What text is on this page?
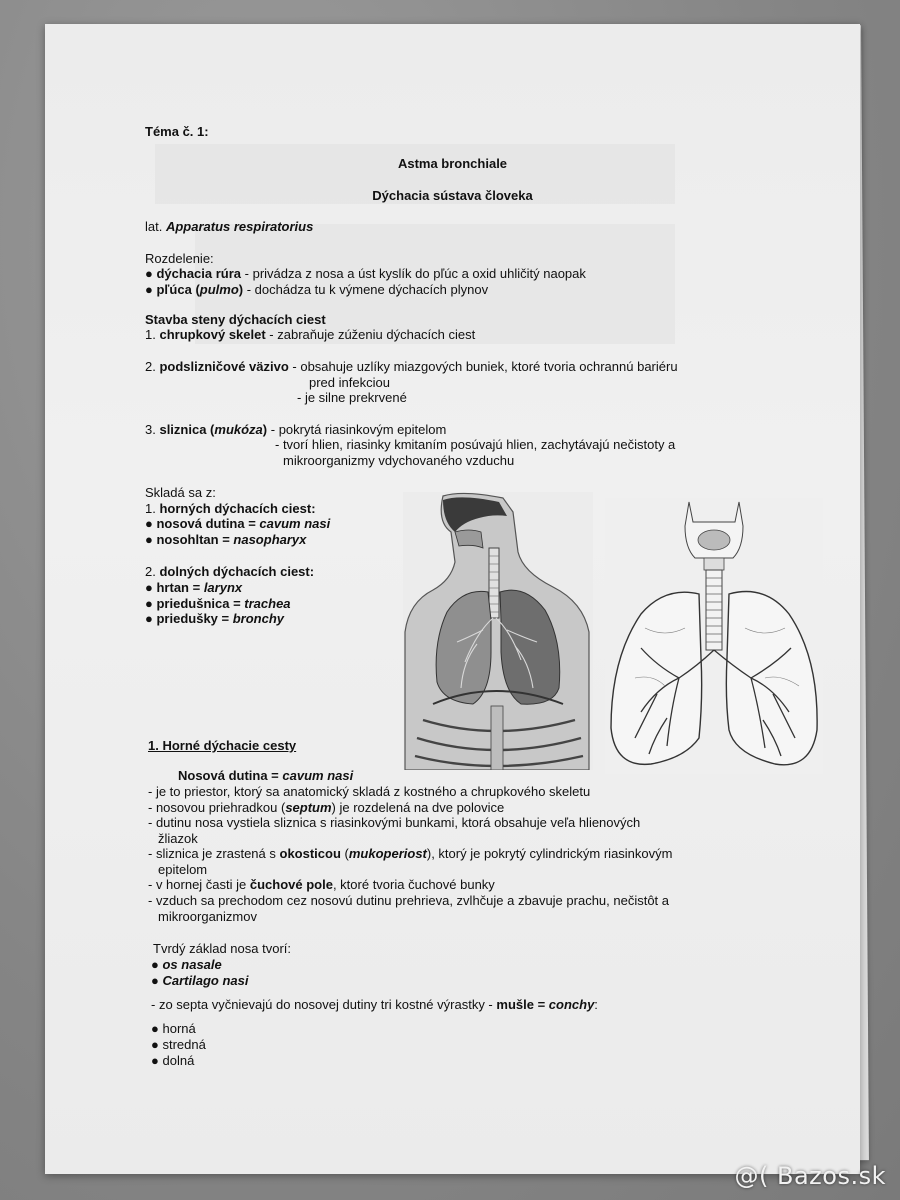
Téma č. 1:
Astma bronchiale
Dýchacia sústava človeka
lat. Apparatus respiratorius
Rozdelenie:
● dýchacia rúra - privádza z nosa a úst kyslík do pľúc a oxid uhličitý naopak
● pľúca (pulmo) - dochádza tu k výmene dýchacích plynov
Stavba steny dýchacích ciest
1. chrupkový skelet - zabraňuje zúženiu dýchacích ciest
2. podslizničové väzivo - obsahuje uzlíky miazgových buniek, ktoré tvoria ochrannú bariéru
pred infekciou
- je silne prekrvené
3. sliznica (mukóza) - pokrytá riasinkovým epitelom
- tvorí hlien, riasinky kmitaním posúvajú hlien, zachytávajú nečistoty a
mikroorganizmy vdychovaného vzduchu
Skladá sa z:
1. horných dýchacích ciest:
● nosová dutina = cavum nasi
● nosohltan = nasopharyx
2. dolných dýchacích ciest:
● hrtan = larynx
● priedušnica = trachea
● priedušky = bronchy
1. Horné dýchacie cesty
Nosová dutina = cavum nasi
- je to priestor, ktorý sa anatomický skladá z kostného a chrupkového skeletu
- nosovou priehradkou (septum) je rozdelená na dve polovice
- dutinu nosa vystiela sliznica s riasinkovými bunkami, ktorá obsahuje veľa hlienových
žliazok
- sliznica je zrastená s okosticou (mukoperiost), ktorý je pokrytý cylindrickým riasinkovým
epitelom
- v hornej časti je čuchové pole, ktoré tvoria čuchové bunky
- vzduch sa prechodom cez nosovú dutinu prehrieva, zvlhčuje a zbavuje prachu, nečistôt a
mikroorganizmov
Tvrdý základ nosa tvorí:
● os nasale
● Cartilago nasi
- zo septa vyčnievajú do nosovej dutiny tri kostné výrastky - mušle = conchy:
● horná
● stredná
● dolná
@( Bazos.sk
